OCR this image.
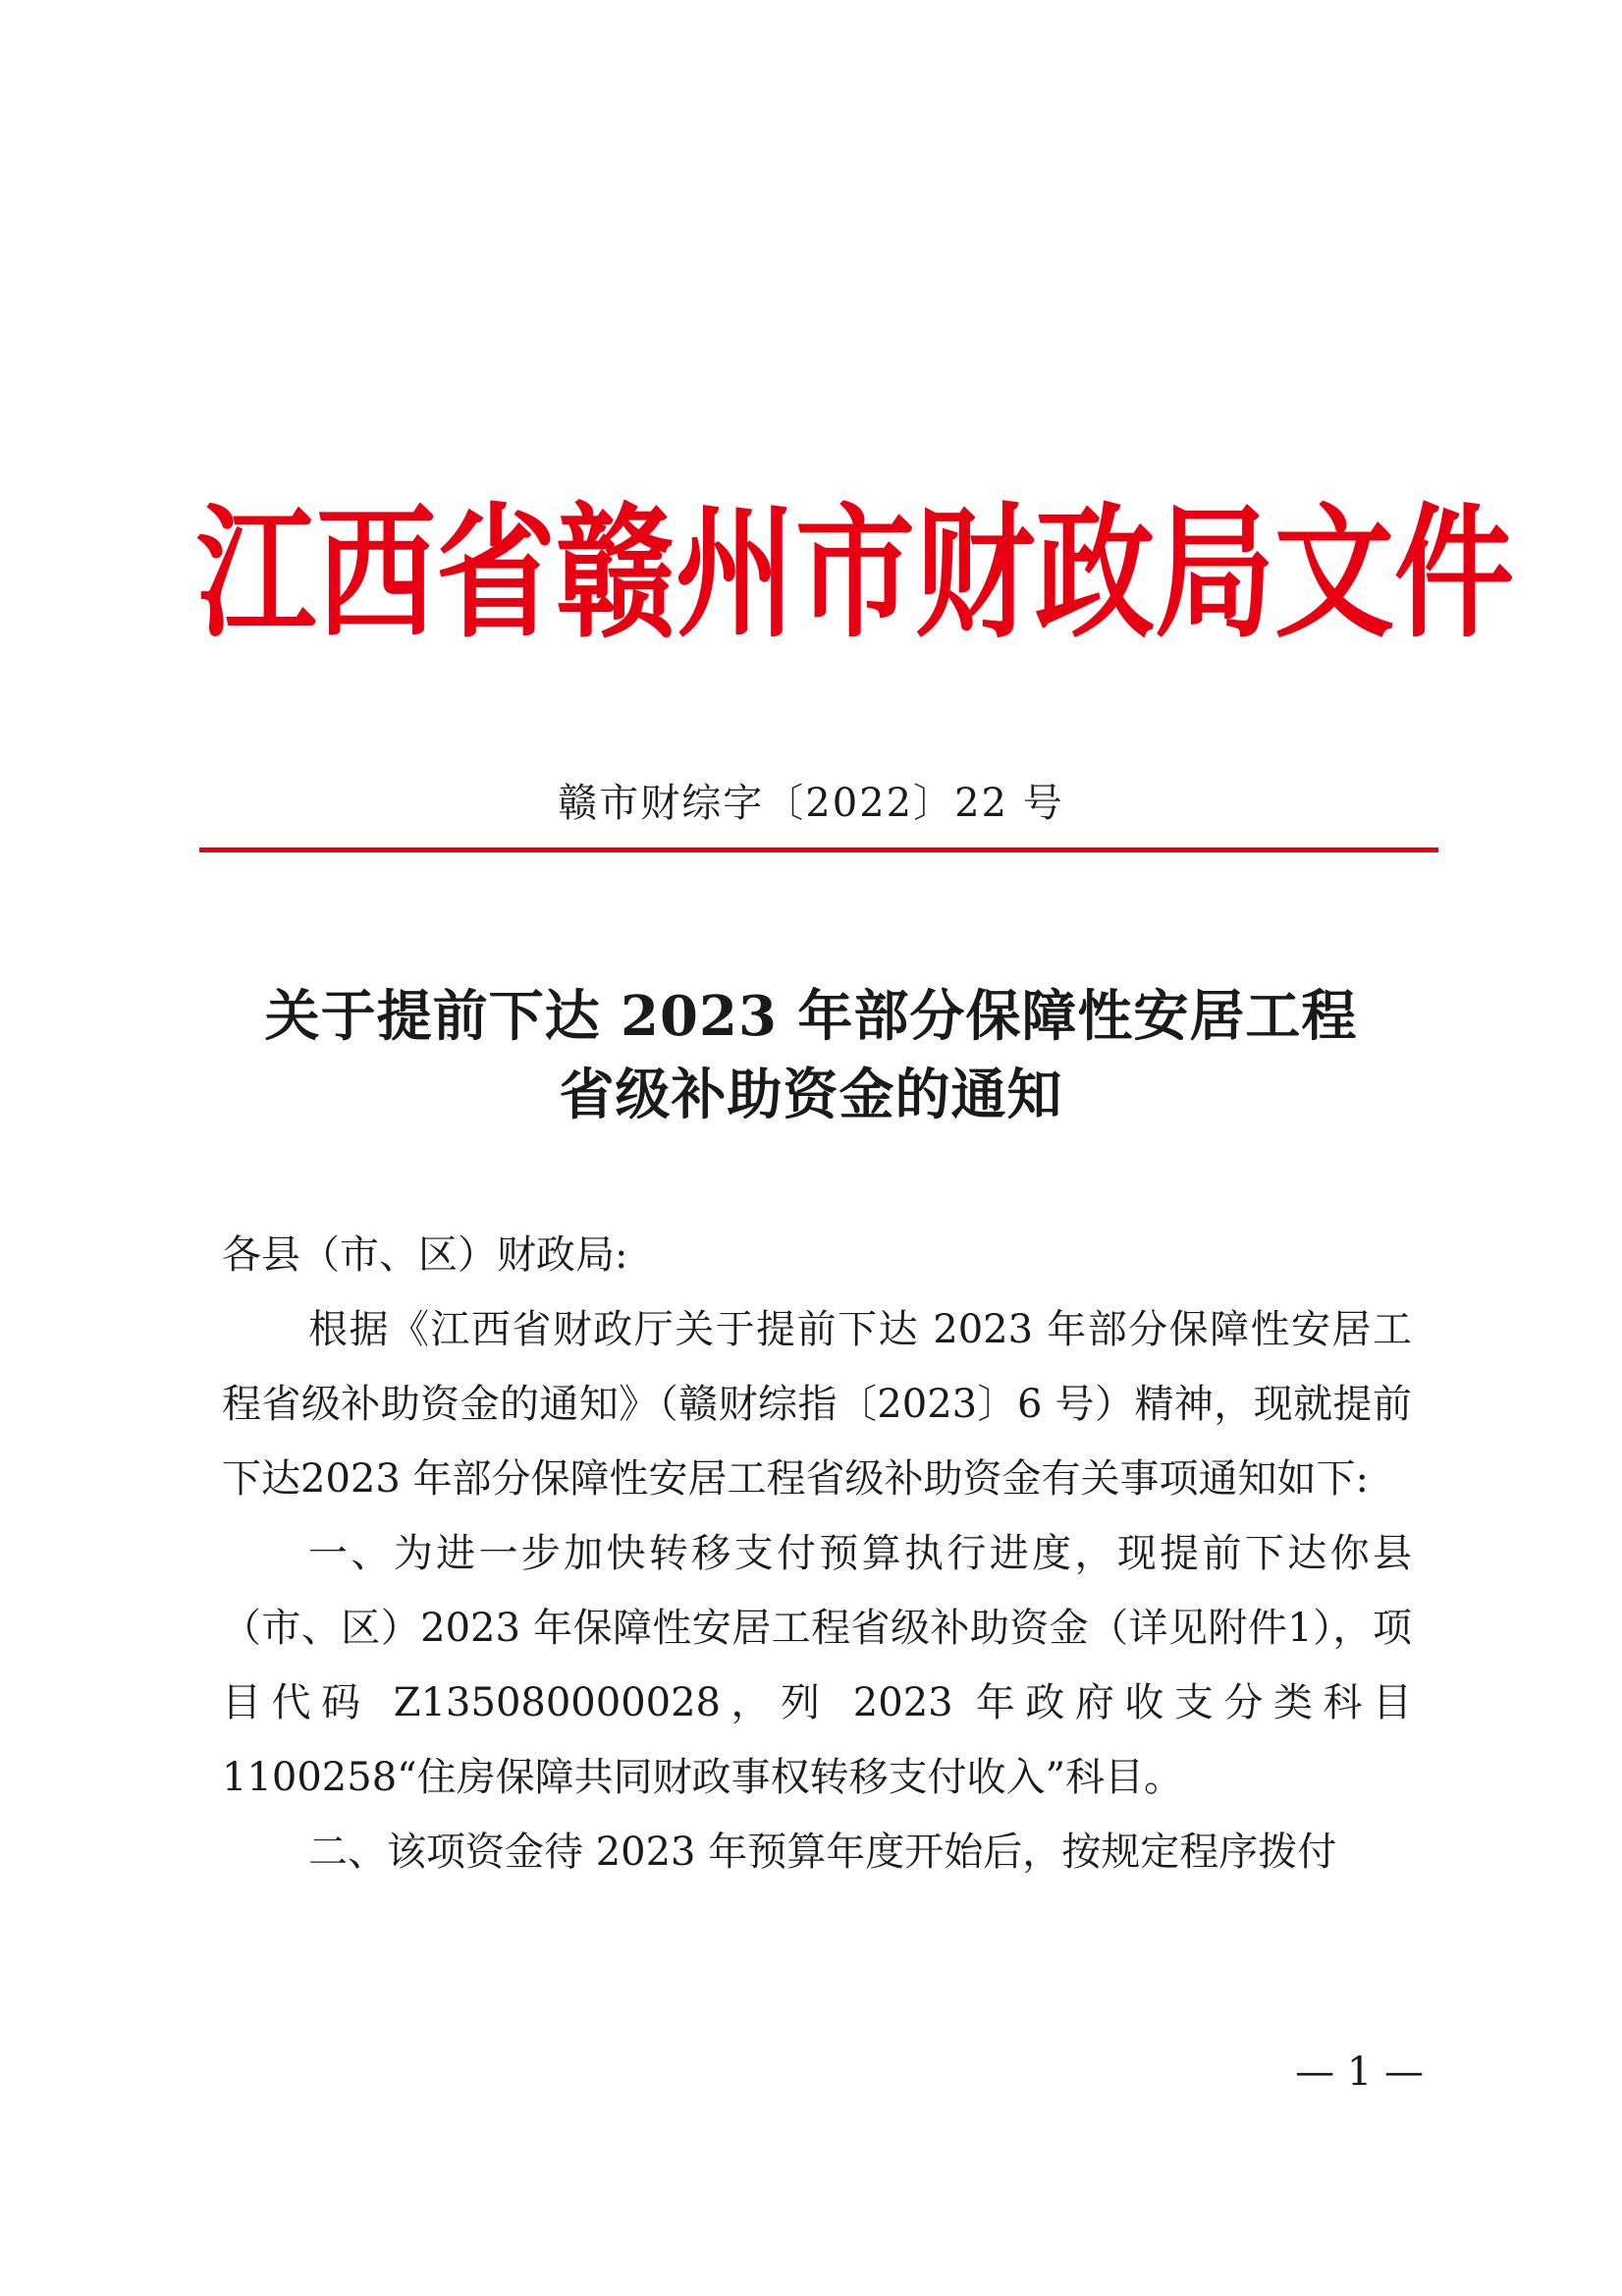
江西省赣州市财政局文件
赣市财综字〔2022〕22 号
关于提前下达 2023 年部分保障性安居工程
省级补助资金的通知

各县（市、区）财政局:

根据《江西省财政厅关于提前下达 2023 年部分保障性安居工程省级补助资金的通知》（赣财综指〔2023〕6 号）精神，现就提前下达2023 年部分保障性安居工程省级补助资金有关事项通知如下:

一、为进一步加快转移支付预算执行进度，现提前下达你县（市、区）2023 年保障性安居工程省级补助资金（详见附件1），项目代码 Z135080000028，列 2023 年政府收支分类科目1100258“住房保障共同财政事权转移支付收入”科目。

二、该项资金待 2023 年预算年度开始后，按规定程序拨付

— 1 —
